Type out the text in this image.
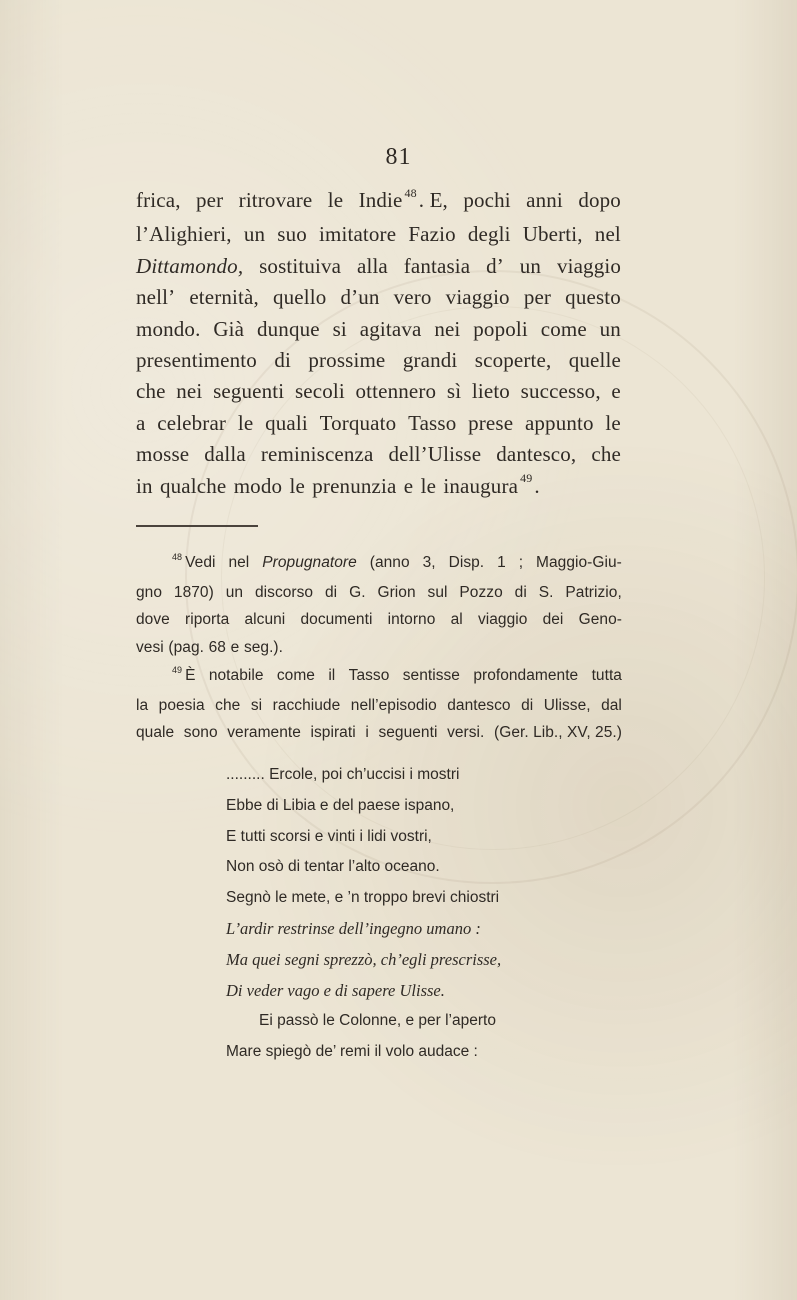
81
frica, per ritrovare le Indie $^{48}$. E, pochi anni dopo
l’Alighieri, un suo imitatore Fazio degli Uberti, nel
Dittamondo, sostituiva alla fantasia d’ un viaggio
nell’ eternità, quello d’un vero viaggio per questo
mondo. Già dunque si agitava nei popoli come un
presentimento di prossime grandi scoperte, quelle
che nei seguenti secoli ottennero sì lieto successo, e
a celebrar le quali Torquato Tasso prese appunto le
mosse dalla reminiscenza dell’Ulisse dantesco, che
in qualche modo le prenunzia e le inaugura $^{49}$.
$^{48}$ Vedi nel Propugnatore (anno 3, Disp. 1 ; Maggio-Giu-
gno 1870) un discorso di G. Grion sul Pozzo di S. Patrizio,
dove riporta alcuni documenti intorno al viaggio dei Geno-
vesi (pag. 68 e seg.).
$^{49}$ È notabile come il Tasso sentisse profondamente tutta
la poesia che si racchiude nell’episodio dantesco di Ulisse, dal
quale sono veramente ispirati i seguenti versi. (Ger. Lib., XV, 25.)
......... Ercole, poi ch’uccisi i mostri
Ebbe di Libia e del paese ispano,
E tutti scorsi e vinti i lidi vostri,
Non osò di tentar l’alto oceano.
Segnò le mete, e ’n troppo brevi chiostri
L’ardir restrinse dell’ingegno umano :
Ma quei segni sprezzò, ch’egli prescrisse,
Di veder vago e di sapere Ulisse.
Ei passò le Colonne, e per l’aperto
Mare spiegò de’ remi il volo audace :
